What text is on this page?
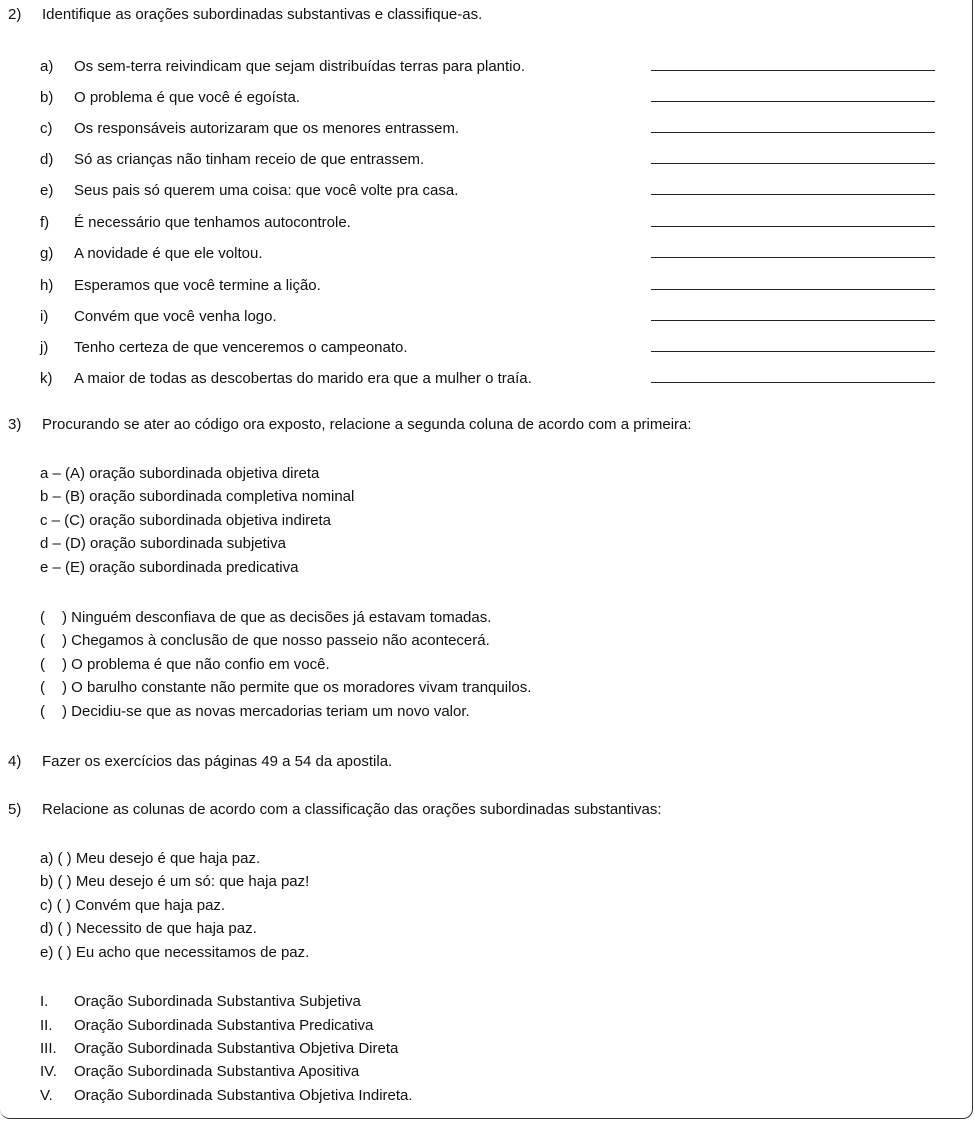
2)	Identifique as orações subordinadas substantivas e classifique-as.
a)	Os sem-terra reivindicam que sejam distribuídas terras para plantio.
b)	O problema é que você é egoísta.
c)	Os responsáveis autorizaram que os menores entrassem.
d)	Só as crianças não tinham receio de que entrassem.
e)	Seus pais só querem uma coisa: que você volte pra casa.
f)	É necessário que tenhamos autocontrole.
g)	A novidade é que ele voltou.
h)	Esperamos que você termine a lição.
i)	Convém que você venha logo.
j)	Tenho certeza de que venceremos o campeonato.
k)	A maior de todas as descobertas do marido era que a mulher o traía.
3)	Procurando se ater ao código ora exposto, relacione a segunda coluna de acordo com a primeira:
a – (A) oração subordinada objetiva direta
b – (B) oração subordinada completiva nominal
c – (C) oração subordinada objetiva indireta
d – (D) oração subordinada subjetiva
e – (E) oração subordinada predicativa
( ) Ninguém desconfiava de que as decisões já estavam tomadas.
( ) Chegamos à conclusão de que nosso passeio não acontecerá.
( ) O problema é que não confio em você.
( ) O barulho constante não permite que os moradores vivam tranquilos.
( ) Decidiu-se que as novas mercadorias teriam um novo valor.
4)	Fazer os exercícios das páginas 49 a 54 da apostila.
5)	Relacione as colunas de acordo com a classificação das orações subordinadas substantivas:
a) ( ) Meu desejo é que haja paz.
b) ( ) Meu desejo é um só: que haja paz!
c) ( ) Convém que haja paz.
d) ( ) Necessito de que haja paz.
e) ( ) Eu acho que necessitamos de paz.
I. Oração Subordinada Substantiva Subjetiva
II. Oração Subordinada Substantiva Predicativa
III. Oração Subordinada Substantiva Objetiva Direta
IV. Oração Subordinada Substantiva Apositiva
V. Oração Subordinada Substantiva Objetiva Indireta.
